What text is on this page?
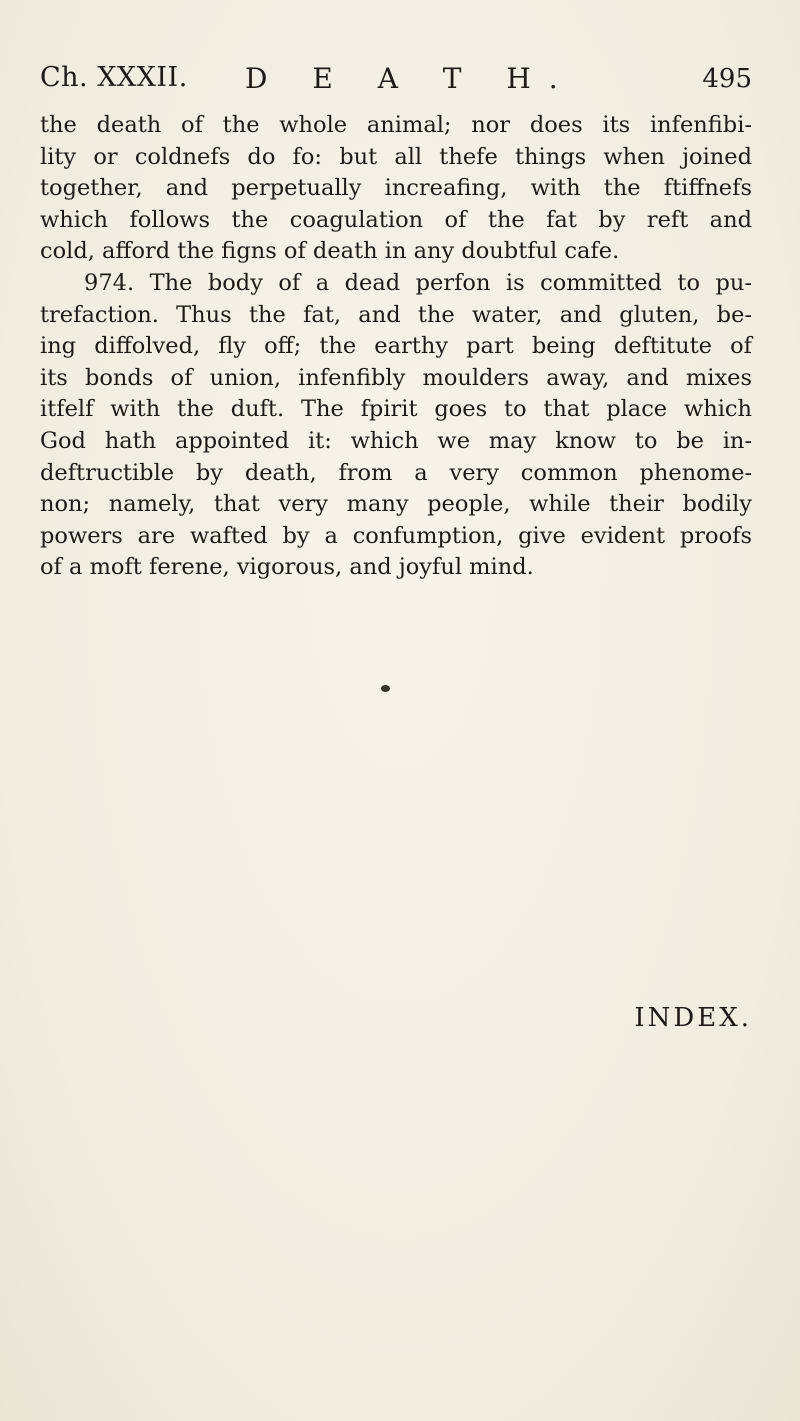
Ch. XXXII. D E A T H.	495
the death of the whole animal; nor does its infenfibi-
lity or coldnefs do fo: but all thefe things when joined
together, and perpetually increafing, with the ftiffnefs
which follows the coagulation of the fat by reft and
cold, afford the figns of death in any doubtful cafe.
974. The body of a dead perfon is committed to pu-
trefaction. Thus the fat, and the water, and gluten, be-
ing diffolved, fly off; the earthy part being deftitute of
its bonds of union, infenfibly moulders away, and mixes
itfelf with the duft. The fpirit goes to that place which
God hath appointed it: which we may know to be in-
deftructible by death, from a very common phenome-
non; namely, that very many people, while their bodily
powers are wafted by a confumption, give evident proofs
of a moft ferene, vigorous, and joyful mind.
INDEX.
